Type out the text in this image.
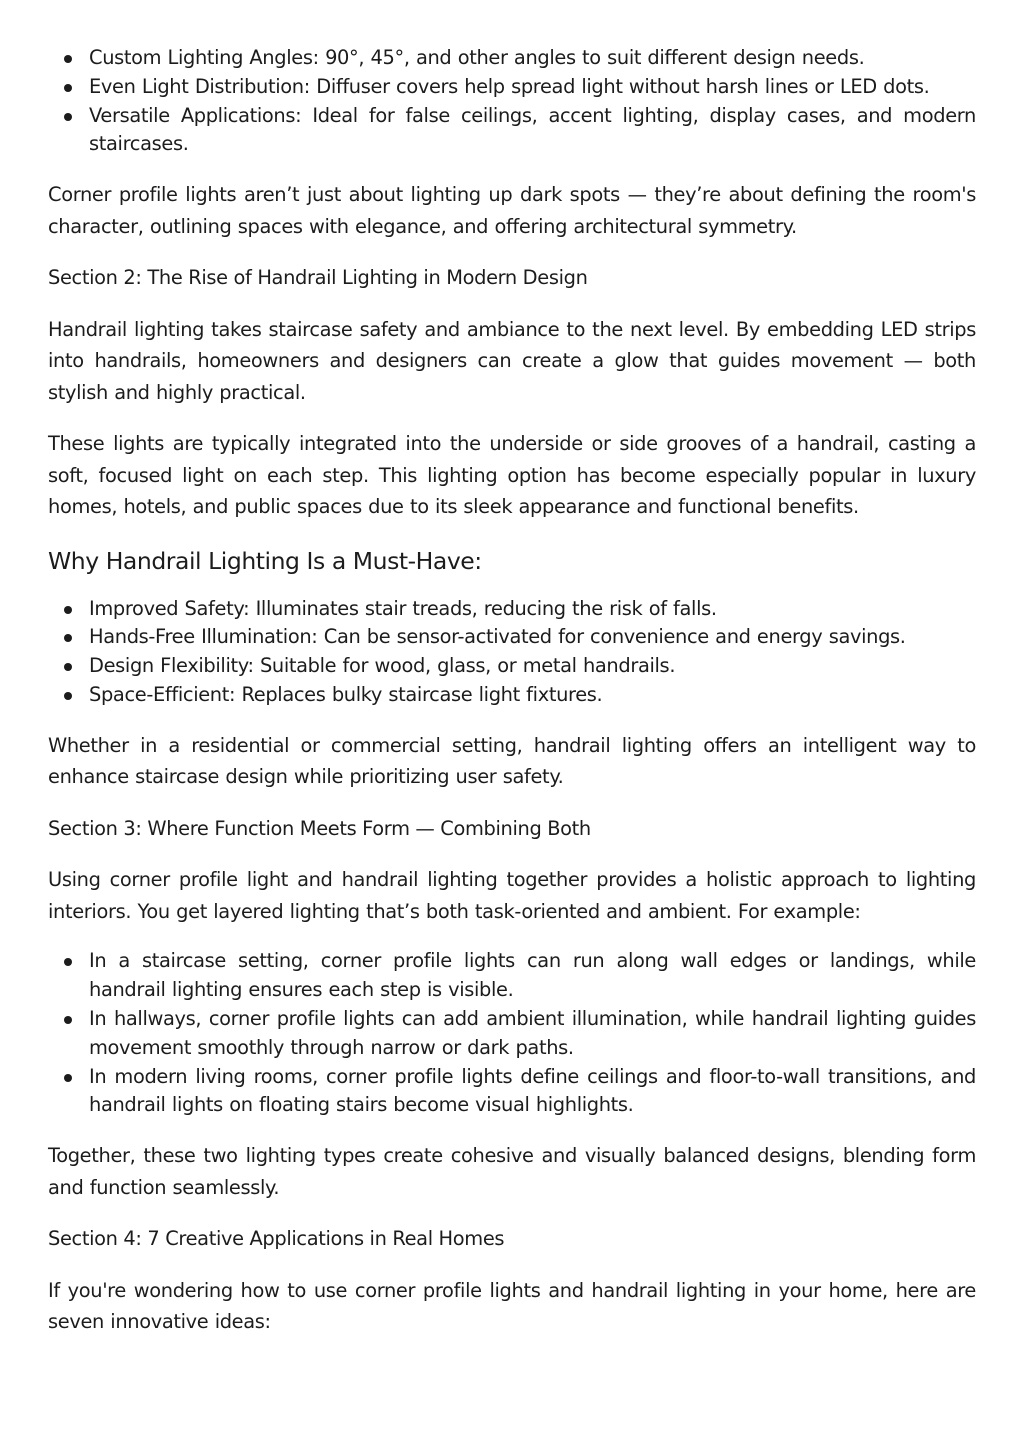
Custom Lighting Angles: 90°, 45°, and other angles to suit different design needs.
Even Light Distribution: Diffuser covers help spread light without harsh lines or LED dots.
Versatile Applications: Ideal for false ceilings, accent lighting, display cases, and modern staircases.

Corner profile lights aren’t just about lighting up dark spots — they’re about defining the room's character, outlining spaces with elegance, and offering architectural symmetry.

Section 2: The Rise of Handrail Lighting in Modern Design

Handrail lighting takes staircase safety and ambiance to the next level. By embedding LED strips into handrails, homeowners and designers can create a glow that guides movement — both stylish and highly practical.

These lights are typically integrated into the underside or side grooves of a handrail, casting a soft, focused light on each step. This lighting option has become especially popular in luxury homes, hotels, and public spaces due to its sleek appearance and functional benefits.

Why Handrail Lighting Is a Must-Have:
Improved Safety: Illuminates stair treads, reducing the risk of falls.
Hands-Free Illumination: Can be sensor-activated for convenience and energy savings.
Design Flexibility: Suitable for wood, glass, or metal handrails.
Space-Efficient: Replaces bulky staircase light fixtures.

Whether in a residential or commercial setting, handrail lighting offers an intelligent way to enhance staircase design while prioritizing user safety.

Section 3: Where Function Meets Form — Combining Both

Using corner profile light and handrail lighting together provides a holistic approach to lighting interiors. You get layered lighting that’s both task-oriented and ambient. For example:

In a staircase setting, corner profile lights can run along wall edges or landings, while handrail lighting ensures each step is visible.
In hallways, corner profile lights can add ambient illumination, while handrail lighting guides movement smoothly through narrow or dark paths.
In modern living rooms, corner profile lights define ceilings and floor-to-wall transitions, and handrail lights on floating stairs become visual highlights.

Together, these two lighting types create cohesive and visually balanced designs, blending form and function seamlessly.

Section 4: 7 Creative Applications in Real Homes

If you're wondering how to use corner profile lights and handrail lighting in your home, here are seven innovative ideas:
